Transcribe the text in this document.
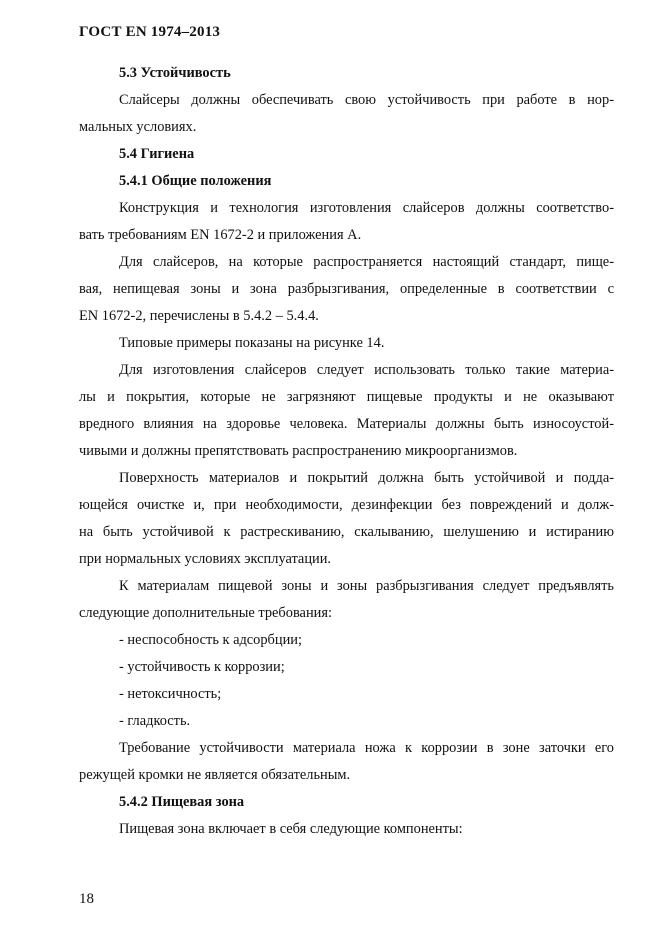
ГОСТ EN 1974–2013
5.3 Устойчивость
Слайсеры должны обеспечивать свою устойчивость при работе в нор-
мальных условиях.
5.4 Гигиена
5.4.1 Общие положения
Конструкция и технология изготовления слайсеров должны соответство-
вать требованиям EN 1672-2 и приложения А.
Для слайсеров, на которые распространяется настоящий стандарт, пище-
вая, непищевая зоны и зона разбрызгивания, определенные в соответствии с
EN 1672-2, перечислены в 5.4.2 – 5.4.4.
Типовые примеры показаны на рисунке 14.
Для изготовления слайсеров следует использовать только такие материа-
лы и покрытия, которые не загрязняют пищевые продукты и не оказывают
вредного влияния на здоровье человека. Материалы должны быть износоустой-
чивыми и должны препятствовать распространению микроорганизмов.
Поверхность материалов и покрытий должна быть устойчивой и подда-
ющейся очистке и, при необходимости, дезинфекции без повреждений и долж-
на быть устойчивой к растрескиванию, скалыванию, шелушению и истиранию
при нормальных условиях эксплуатации.
К материалам пищевой зоны и зоны разбрызгивания следует предъявлять
следующие дополнительные требования:
- неспособность к адсорбции;
- устойчивость к коррозии;
- нетоксичность;
- гладкость.
Требование устойчивости материала ножа к коррозии в зоне заточки его
режущей кромки не является обязательным.
5.4.2 Пищевая зона
Пищевая зона включает в себя следующие компоненты:
18
